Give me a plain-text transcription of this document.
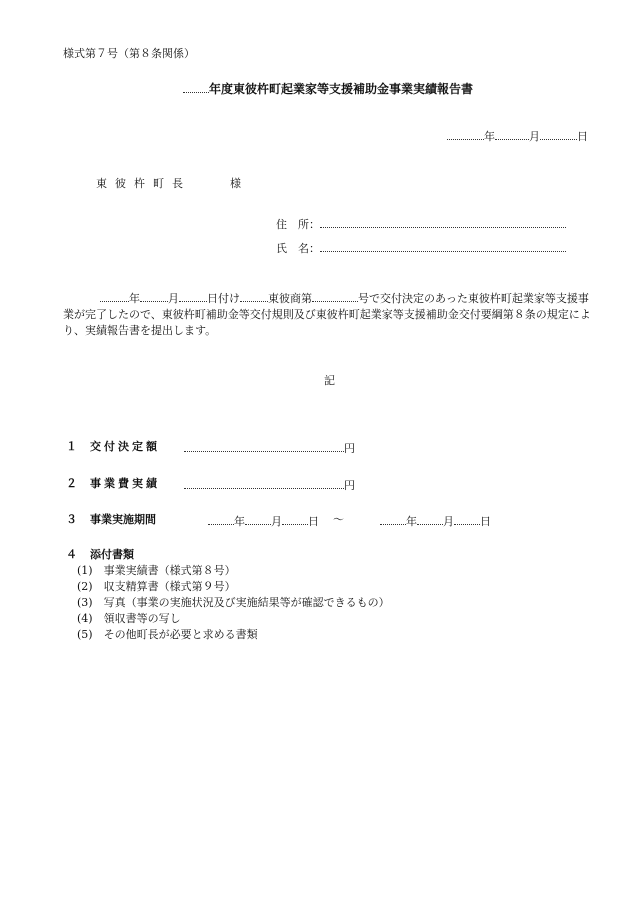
様式第７号（第８条関係）
年度東彼杵町起業家等支援補助金事業実績報告書
年	月	日
東彼杵町長	様
住　所：
氏　名：
年	月	日付け	東彼商第	号で交付決定のあった東彼杵町起業家等支援事業が完了したので、東彼杵町補助金等交付規則及び東彼杵町起業家等支援補助金交付要綱第８条の規定により、実績報告書を提出します。
記
１ 交付決定額	円
２ 事業費実績	円
３ 事業実施期間	年 月 日 ～	年 月 日
４ 添付書類
(1)　事業実績書（様式第８号）
(2)　収支精算書（様式第９号）
(3)　写真（事業の実施状況及び実施結果等が確認できるもの）
(4)　領収書等の写し
(5)　その他町長が必要と求める書類
